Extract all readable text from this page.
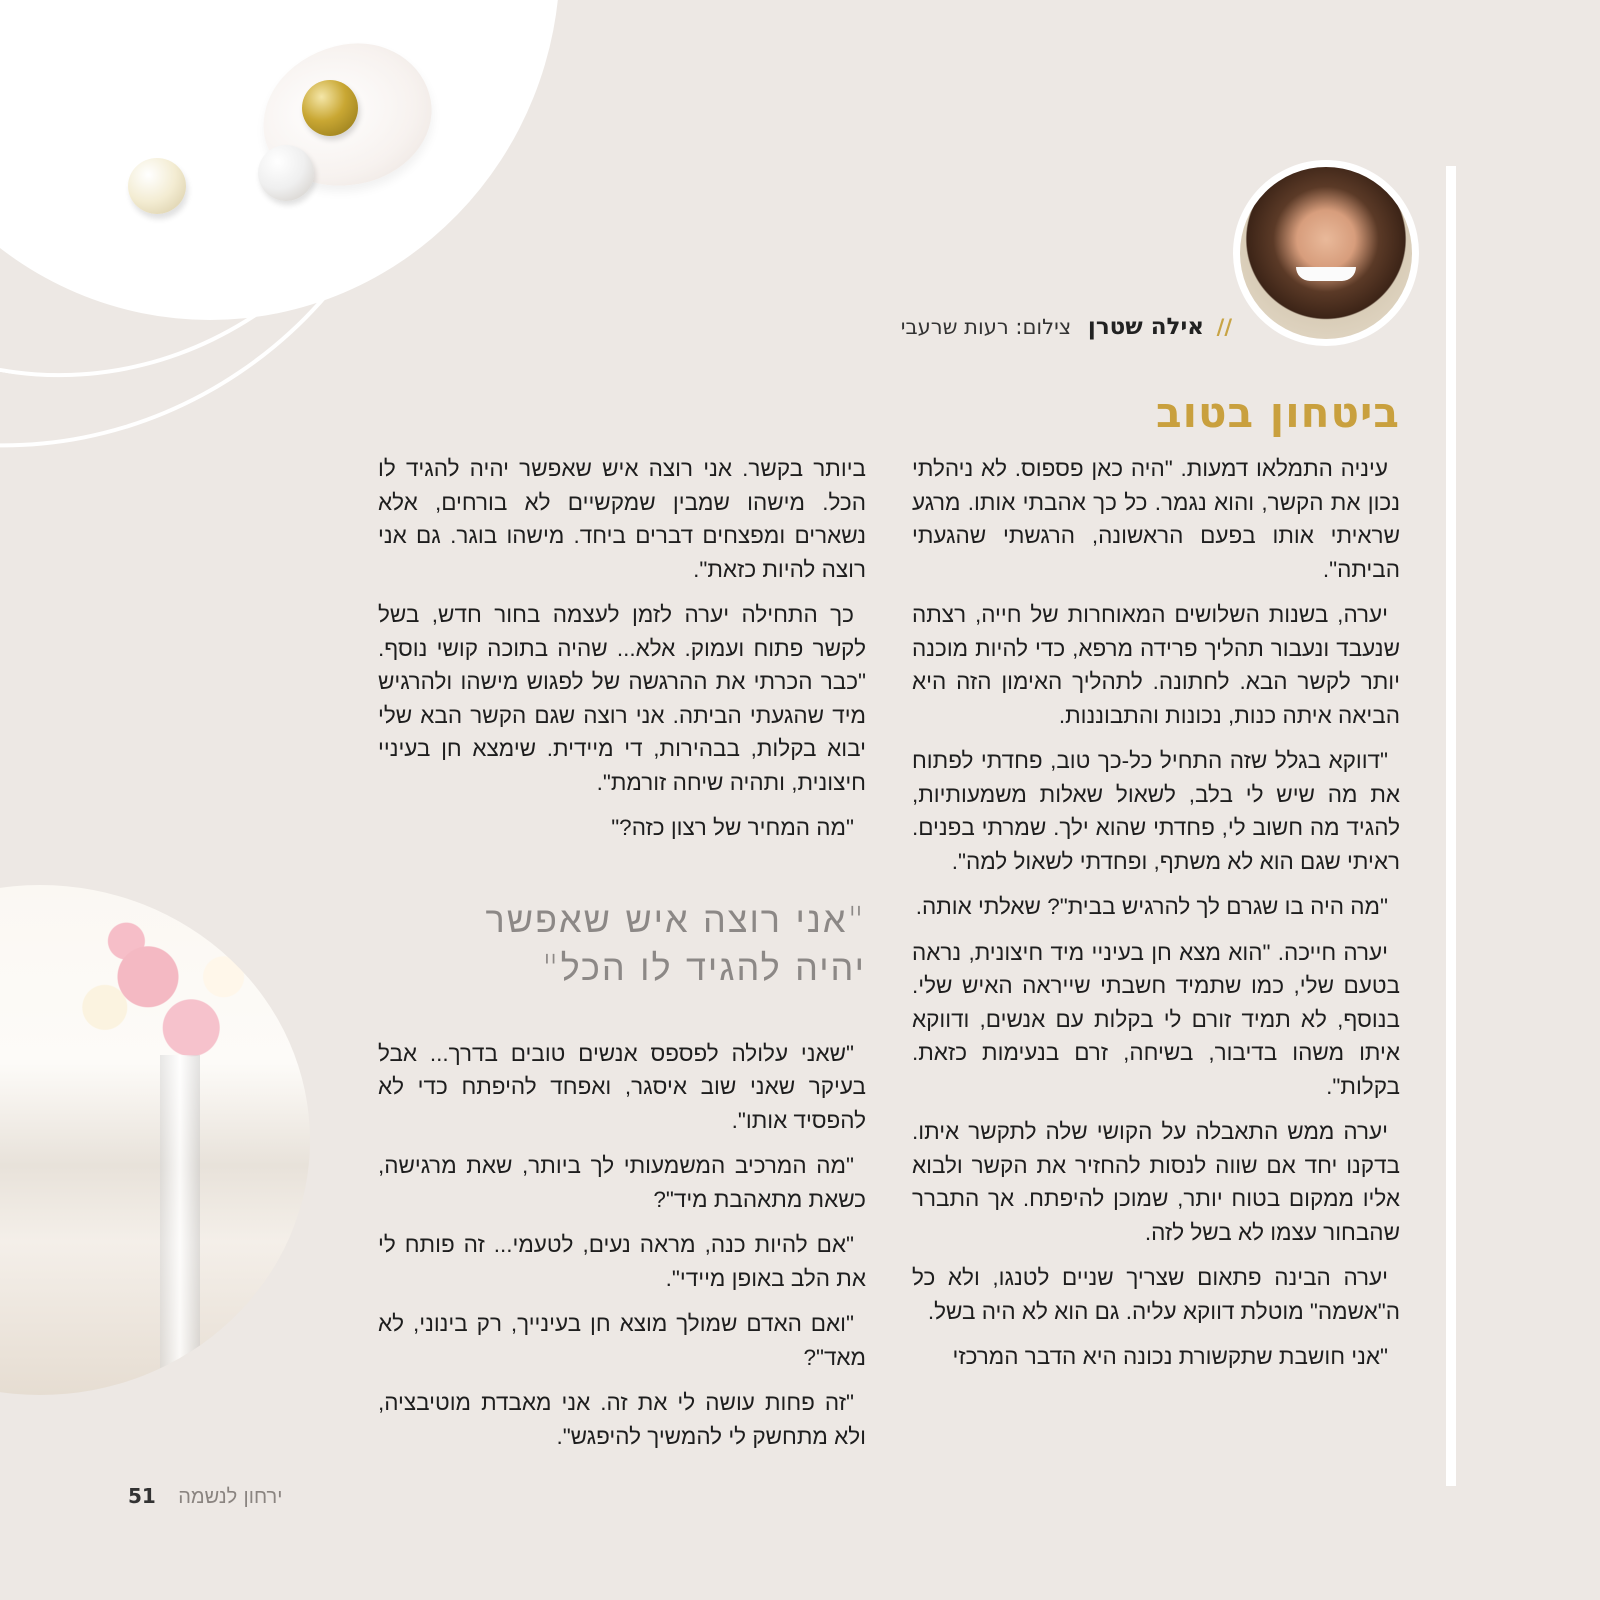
// אילה שטרן צילום: רעות שרעבי
ביטחון בטוב

עיניה התמלאו דמעות. "היה כאן פספוס. לא ניהלתי נכון את הקשר, והוא נגמר. כל כך אהבתי אותו. מרגע שראיתי אותו בפעם הראשונה, הרגשתי שהגעתי הביתה".

יערה, בשנות השלושים המאוחרות של חייה, רצתה שנעבד ונעבור תהליך פרידה מרפא, כדי להיות מוכנה יותר לקשר הבא. לחתונה. לתהליך האימון הזה היא הביאה איתה כנות, נכונות והתבוננות.

"דווקא בגלל שזה התחיל כל-כך טוב, פחדתי לפתוח את מה שיש לי בלב, לשאול שאלות משמעותיות, להגיד מה חשוב לי, פחדתי שהוא ילך. שמרתי בפנים. ראיתי שגם הוא לא משתף, ופחדתי לשאול למה".

"מה היה בו שגרם לך להרגיש בבית"? שאלתי אותה.

יערה חייכה. "הוא מצא חן בעיניי מיד חיצונית, נראה בטעם שלי, כמו שתמיד חשבתי שייראה האיש שלי. בנוסף, לא תמיד זורם לי בקלות עם אנשים, ודווקא איתו משהו בדיבור, בשיחה, זרם בנעימות כזאת. בקלות".

יערה ממש התאבלה על הקושי שלה לתקשר איתו. בדקנו יחד אם שווה לנסות להחזיר את הקשר ולבוא אליו ממקום בטוח יותר, שמוכן להיפתח. אך התברר שהבחור עצמו לא בשל לזה.

יערה הבינה פתאום שצריך שניים לטנגו, ולא כל ה"אשמה" מוטלת דווקא עליה. גם הוא לא היה בשל.

"אני חושבת שתקשורת נכונה היא הדבר המרכזי

ביותר בקשר. אני רוצה איש שאפשר יהיה להגיד לו הכל. מישהו שמבין שמקשיים לא בורחים, אלא נשארים ומפצחים דברים ביחד. מישהו בוגר. גם אני רוצה להיות כזאת".

כך התחילה יערה לזמן לעצמה בחור חדש, בשל לקשר פתוח ועמוק. אלא... שהיה בתוכה קושי נוסף. "כבר הכרתי את ההרגשה של לפגוש מישהו ולהרגיש מיד שהגעתי הביתה. אני רוצה שגם הקשר הבא שלי יבוא בקלות, בבהירות, די מיידית. שימצא חן בעיניי חיצונית, ותהיה שיחה זורמת".

"מה המחיר של רצון כזה?"

"אני רוצה איש שאפשר יהיה להגיד לו הכל"

"שאני עלולה לפספס אנשים טובים בדרך... אבל בעיקר שאני שוב איסגר, ואפחד להיפתח כדי לא להפסיד אותו".

"מה המרכיב המשמעותי לך ביותר, שאת מרגישה, כשאת מתאהבת מיד"?

"אם להיות כנה, מראה נעים, לטעמי... זה פותח לי את הלב באופן מיידי".

"ואם האדם שמולך מוצא חן בעינייך, רק בינוני, לא מאד"?

"זה פחות עושה לי את זה. אני מאבדת מוטיבציה, ולא מתחשק לי להמשיך להיפגש".

51 ירחון לנשמה
